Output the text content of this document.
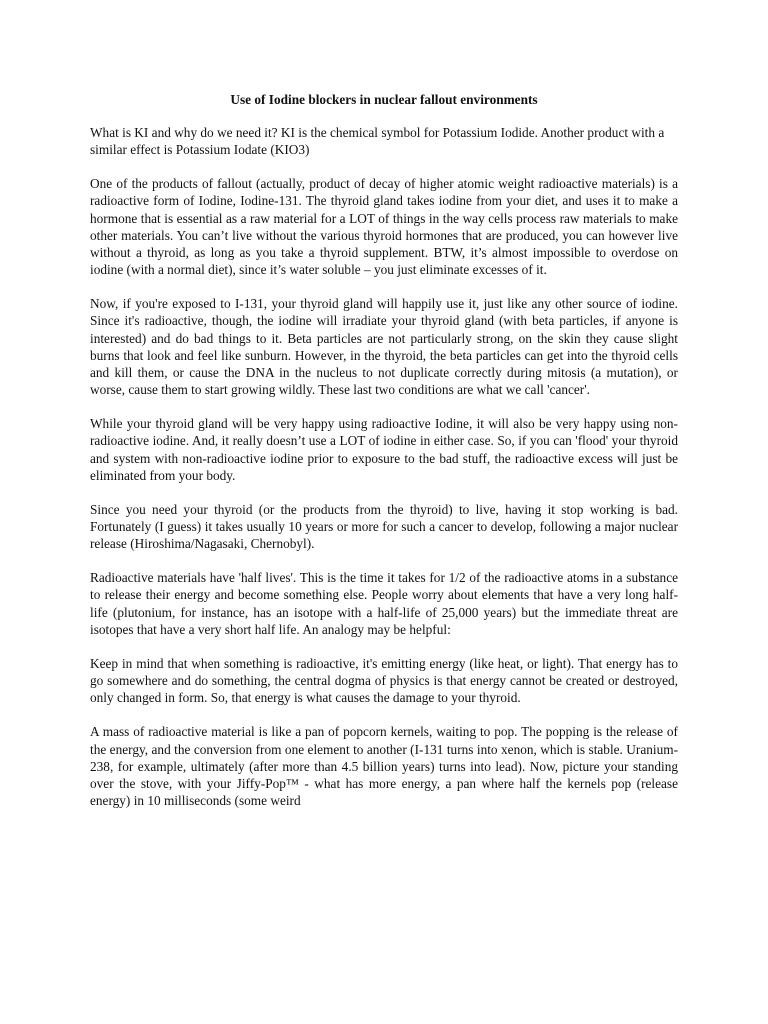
Use of Iodine blockers in nuclear fallout environments
What is KI and why do we need it? KI is the chemical symbol for Potassium Iodide. Another product with a similar effect is Potassium Iodate (KIO3)
One of the products of fallout (actually, product of decay of higher atomic weight radioactive materials) is a radioactive form of Iodine, Iodine-131. The thyroid gland takes iodine from your diet, and uses it to make a hormone that is essential as a raw material for a LOT of things in the way cells process raw materials to make other materials. You can’t live without the various thyroid hormones that are produced, you can however live without a thyroid, as long as you take a thyroid supplement. BTW, it’s almost impossible to overdose on iodine (with a normal diet), since it’s water soluble – you just eliminate excesses of it.
Now, if you're exposed to I-131, your thyroid gland will happily use it, just like any other source of iodine. Since it's radioactive, though, the iodine will irradiate your thyroid gland (with beta particles, if anyone is interested) and do bad things to it. Beta particles are not particularly strong, on the skin they cause slight burns that look and feel like sunburn. However, in the thyroid, the beta particles can get into the thyroid cells and kill them, or cause the DNA in the nucleus to not duplicate correctly during mitosis (a mutation), or worse, cause them to start growing wildly. These last two conditions are what we call 'cancer'.
While your thyroid gland will be very happy using radioactive Iodine, it will also be very happy using non-radioactive iodine. And, it really doesn’t use a LOT of iodine in either case. So, if you can 'flood' your thyroid and system with non-radioactive iodine prior to exposure to the bad stuff, the radioactive excess will just be eliminated from your body.
Since you need your thyroid (or the products from the thyroid) to live, having it stop working is bad. Fortunately (I guess) it takes usually 10 years or more for such a cancer to develop, following a major nuclear release (Hiroshima/Nagasaki, Chernobyl).
Radioactive materials have 'half lives'. This is the time it takes for 1/2 of the radioactive atoms in a substance to release their energy and become something else. People worry about elements that have a very long half-life (plutonium, for instance, has an isotope with a half-life of 25,000 years) but the immediate threat are isotopes that have a very short half life. An analogy may be helpful:
Keep in mind that when something is radioactive, it's emitting energy (like heat, or light). That energy has to go somewhere and do something, the central dogma of physics is that energy cannot be created or destroyed, only changed in form. So, that energy is what causes the damage to your thyroid.
A mass of radioactive material is like a pan of popcorn kernels, waiting to pop. The popping is the release of the energy, and the conversion from one element to another (I-131 turns into xenon, which is stable. Uranium-238, for example, ultimately (after more than 4.5 billion years) turns into lead). Now, picture your standing over the stove, with your Jiffy-Pop™ - what has more energy, a pan where half the kernels pop (release energy) in 10 milliseconds (some weird
